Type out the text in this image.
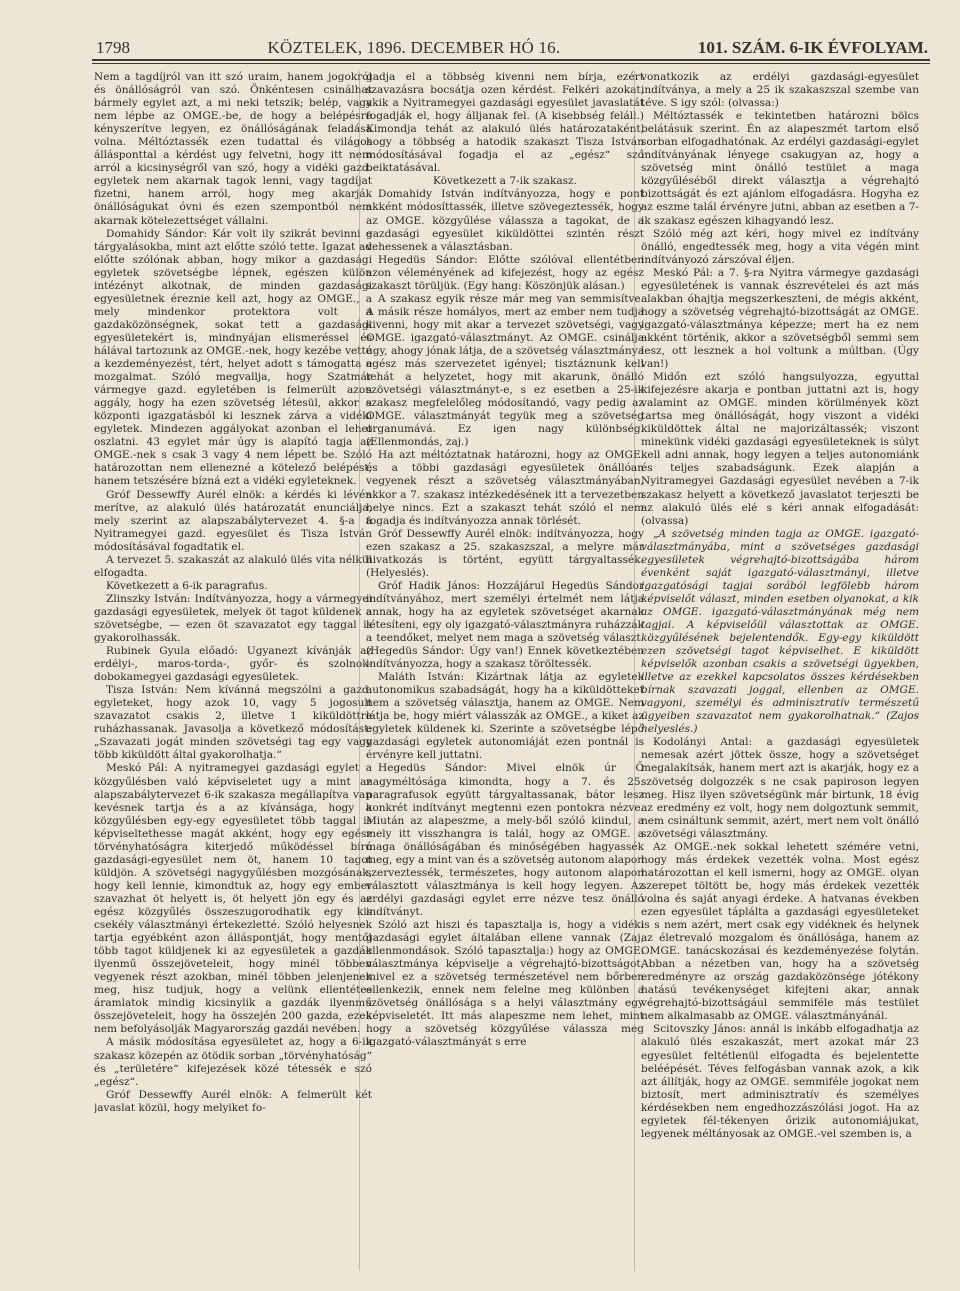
1798	KÖZTELEK, 1896. DECEMBER HÓ 16.	101. SZÁM. 6-IK ÉVFOLYAM.

Nem a tagdíjról van itt szó uraim, hanem jogokról és önállóságról van szó. Önkéntesen csinálhat bármely egylet azt, a mi neki tetszik; belép, vagy nem lépbe az OMGE.-be, de hogy a belépésre kényszerítve legyen, ez önállóságának feladása volna. Méltóztassék ezen tudattal és világos állásponttal a kérdést ugy felvetni, hogy itt nem arról a kicsinységről van szó, hogy a vidéki gazd. egyletek nem akarnak tagok lenni, vagy tagdíjat fizetni, hanem arról, hogy meg akarják önállóságukat óvni és ezen szempontból nem akarnak kötelezettséget vállalni.

Domahidy Sándor: Kár volt ily szikrát bevinni e tárgyalásokba, mint azt előtte szóló tette. Igazat ad előtte szólónak abban, hogy mikor a gazdasági egyletek szövetségbe lépnek, egészen külön intézényt alkotnak, de minden gazdasági egyesületnek éreznie kell azt, hogy az OMGE., a mely mindenkor protektora volt a gazdaközönségnek, sokat tett a gazdasági egyesületekért is, mindnyájan elismeréssel és hálával tartozunk az OMGE.-nek, hogy kezébe vette a kezdeményezést, tért, helyet adott s támogatta a mozgalmat. Szóló megvallja, hogy Szatmár vármegye gazd. egyletében is felmerült azon aggály, hogy ha ezen szövetség létesül, akkor a központi igazgatásból ki lesznek zárva a vidéki egyletek. Mindezen aggályokat azonban el lehet oszlatni. 43 egylet már úgy is alapító tagja az OMGE.-nek s csak 3 vagy 4 nem lépett be. Szóló határozottan nem ellenezné a kötelező belépést, hanem tetszésére bízná ezt a vidéki egyleteknek.

Gróf Dessewffy Aurél elnök: a kérdés ki lévén merítve, az alakuló ülés határozatát enunciálja, mely szerint az alapszabálytervezet 4. §-a a Nyitramegyei gazd. egyesület és Tisza István módosításával fogadtatik el.

A tervezet 5. szakaszát az alakuló ülés vita nélkül elfogadta.

Következett a 6-ik paragrafus.

Zlinszky István: Indítványozza, hogy a vármegyei gazdasági egyesületek, melyek öt tagot küldenek a szövetségbe, — ezen öt szavazatot egy taggal is gyakorolhassák.

Rubinek Gyula előadó: Ugyanezt kívánják az erdélyi-, maros-torda-, győr- és szolnok-dobokamegyei gazdasági egyesületek.

Tisza István: Nem kívánná megszólni a gazd. egyleteket, hogy azok 10, vagy 5 jogosult szavazatot csakis 2, illetve 1 kiküldöttre ruházhassanak. Javasolja a következő módosítást: „Szavazati jogát minden szövetségi tag egy vagy több kiküldött által gyakorolhatja.“

Meskó Pál: A nyitramegyei gazdasági egylet a közgyűlésben való képviseletet ugy a mint az alapszabálytervezet 6-ik szakasza megállapítva van kevésnek tartja és a az kívánsága, hogy a közgyűlésben egy-egy egyesületet több taggal is képviseltethesse magát akként, hogy egy egész törvényhatóságra kiterjedő működéssel bíró gazdasági-egyesület nem öt, hanem 10 tagot küldjön. A szövetségi nagygyűlésben mozgósának, hogy kell lennie, kimondtuk az, hogy egy ember szavazhat öt helyett is, öt helyett jön egy és az egész közgyűlés összeszugorodhatik egy kis csekély választmányi értekezletté. Szóló helyesnek tartja egyébként azon álláspontját, hogy mentől több tagot küldjenek ki az egyesületek a gazdák ilyenmű összejöveteleit, hogy minél többen vegyenek részt azokban, minél többen jelenjenek meg, hisz tudjuk, hogy a velünk ellentétes áramlatok mindig kicsinylik a gazdák ilyenmű összejöveteleit, hogy ha összején 200 gazda, ezek nem befolyásolják Magyarország gazdái nevében.

A másik módosítása egyesületet az, hogy a 6-ik szakasz közepén az ötödik sorban „törvényhatóság“ és „területére“ kifejezések közé tétessék e szó „egész“.

Gróf Dessewffy Aurél elnök: A felmerült két javaslat közül, hogy melyiket fo-

gadja el a többség kivenni nem bírja, ezért szavazásra bocsátja ozen kérdést. Felkéri azokat, akik a Nyitramegyei gazdasági egyesület javaslatát fogadják el, hogy álljanak fel. (A kisebbség feláll.) Kimondja tehát az alakuló ülés határozataként, hogy a többség a hatodik szakaszt Tisza István módosításával fogadja el az „egész“ szó beiktatásával.

Következett a 7-ik szakasz.

Domahidy István indítványozza, hogy e pont akként módosíttassék, illetve szövegeztessék, hogy az OMGE. közgyűlése válassza a tagokat, de a gazdasági egyesület kiküldöttei szintén részt vehessenek a választásban.

Hegedüs Sándor: Előtte szólóval ellentétben azon véleményének ad kifejezést, hogy az egész szakaszt törüljük. (Egy hang: Köszönjük alásan.)

A szakasz egyik része már meg van semmisítve. A másik része homályos, mert az ember nem tudja kivenni, hogy mit akar a tervezet szövetségi, vagy OMGE. igazgató-választmányt. Az OMGE. csinálja úgy, ahogy jónak látja, de a szövetség választmánya egész más szervezetet igényel; tisztáznunk kell tehát a helyzetet, hogy mit akarunk, önálló szövetségi választmányt-e, s ez esetben a 25-ik szakasz megfelelőleg módosítandó, vagy pedig az OMGE. választmányát tegyük meg a szövetség organumává. Ez igen nagy különbség. (Ellenmondás, zaj.)

Ha azt méltóztatnak határozni, hogy az OMGE. és a többi gazdasági egyesületek önállóan vegyenek részt a szövetség választmányában, akkor a 7. szakasz intézkedésének itt a tervezetben helye nincs. Ezt a szakaszt tehát szóló el nem fogadja és indítványozza annak törlését.

Gróf Dessewffy Aurél elnök: indítványozza, hogy ezen szakasz a 25. szakaszszal, a melyre már hivatkozás is történt, együtt tárgyaltassék. (Helyeslés).

Gróf Hadik János: Hozzájárul Hegedüs Sándor indítványához, mert személyi értelmét nem látja annak, hogy ha az egyletek szövetséget akarnak létesíteni, egy oly igazgató-választmányra ruházzák a teendőket, melyet nem maga a szövetség választ. (Hegedüs Sándor: Úgy van!) Ennek következtében indítványozza, hogy a szakasz töröltessék.

Maláth István: Kizártnak látja az egyletek autonomikus szabadságát, hogy ha a kiküldötteket nem a szövetség választja, hanem az OMGE. Nem látja be, hogy miért válasszák az OMGE., a kiket az egyletek küldenek ki. Szerinte a szövetségbe lépő gazdasági egyletek autonomiáját ezen pontnál is érvényre kell juttatni.

Hegedüs Sándor: Mivel elnök úr Ő nagyméltósága kimondta, hogy a 7. és 25. paragrafusok együtt tárgyaltassanak, bátor lesz konkrét indítványt megtenni ezen pontokra nézve. Miután az alapeszme, a mely-ből szóló kiindul, a mely itt visszhangra is talál, hogy az OMGE. a maga önállóságában és minőségében hagyassék meg, egy a mint van és a szövetség autonom alapon szerveztessék, természetes, hogy autonom alapon választott választmánya is kell hogy legyen. Az erdélyi gazdasági egylet erre nézve tesz önálló indítványt.

Szóló azt hiszi és tapasztalja is, hogy a vidéki gazdasági egylet általában ellene vannak (Zaj, ellenmondások. Szóló tapasztalja:) hogy az OMGE. választmánya képviselje a végrehajtó-bizottságot, mivel ez a szövetség természetével nem bőrben ellenkezik, ennek nem felelne meg különben a szövetség önállósága s a helyi választmány egy képviseletét. Itt más alapeszme nem lehet, mint hogy a szövetség közgyűlése válassza meg igazgató-választmányát s erre

vonatkozik az erdélyi gazdasági-egyesület indítványa, a mely a 25 ik szakaszszal szembe van téve. S igy szól: (olvassa:)

Méltóztassék e tekintetben határozni bölcs belátásuk szerint. Én az alapeszmét tartom első sorban elfogadhatónak. Az erdélyi gazdasági-egylet indítványának lényege csakugyan az, hogy a szövetség mint önálló testület a maga közgyűléséből direkt választja a végrehajtó bizottságát és ezt ajánlom elfogadásra. Hogyha ez az eszme talál érvényre jutni, abban az esetben a 7-ik szakasz egészen kihagyandó lesz.

Szóló még azt kéri, hogy mivel ez indítvány önálló, engedtessék meg, hogy a vita végén mint indítványozó zárszóval éljen.

Meskó Pál: a 7. §-ra Nyitra vármegye gazdasági egyesületének is vannak észrevételei és azt más alakban óhajtja megszerkeszteni, de mégis akként, hogy a szövetség végrehajtó-bizottságát az OMGE. igazgató-választmánya képezze; mert ha ez nem akként történik, akkor a szövetségből semmi sem lesz, ott lesznek a hol voltunk a múltban. (Úgy van!)

Midőn ezt szóló hangsulyozza, egyuttal kifejezésre akarja e pontban juttatni azt is, hogy valamint az OMGE. minden körülmények közt tartsa meg önállóságát, hogy viszont a vidéki kiküldöttek által ne majorizáltassék; viszont minekünk vidéki gazdasági egyesületeknek is súlyt kell adni annak, hogy legyen a teljes autonomiánk és teljes szabadságunk. Ezek alapján a Nyitramegyei Gazdasági egyesület nevében a 7-ik szakasz helyett a következő javaslatot terjeszti be az alakuló ülés elé s kéri annak elfogadását: (olvassa)

„A szövetség minden tagja az OMGE. igazgató-választmányába, mint a szövetséges gazdasági egyesületek végrehajtó-bizottságába három évenként saját igazgató-választmányi, illetve igazgatósági tagjai sorából legfölebb három képviselőt választ, minden esetben olyanokat, a kik az OMGE. igazgató-választmányának még nem tagjai. A képviselőül választottak az OMGE. közgyűlésének bejelentendők. Egy-egy kiküldött ezen szövetségi tagot képviselhet. E kiküldött képviselők azonban csakis a szövetségi ügyekben, illetve az ezekkel kapcsolatos összes kérdésekben bírnak szavazati joggal, ellenben az OMGE. vagyoni, személyi és adminisztratív természetű ügyeiben szavazatot nem gyakorolhatnak.“ (Zajos helyeslés.)

Kodolányi Antal: a gazdasági egyesületek nemesak azért jöttek össze, hogy a szövetséget megalakítsák, hanem mert azt is akarják, hogy ez a szövetség dolgozzék s ne csak papiroson legyen meg. Hisz ilyen szövetségünk már birtunk, 18 évig az eredmény ez volt, hogy nem dolgoztunk semmit, nem csináltunk semmit, azért, mert nem volt önálló szövetségi választmány.

Az OMGE.-nek sokkal lehetett szémére vetni, hogy más érdekek vezették volna. Most egész határozottan el kell ismerni, hogy az OMGE. olyan szerepet töltött be, hogy más érdekek vezették volna és saját anyagi érdeke. A hatvanas években ezen egyesület táplálta a gazdasági egyesületeket is s nem azért, mert csak egy vidéknek és helynek az életrevaló mozgalom és önállósága, hanem az OMGE. tanácskozásai és kezdeményezése folytán. Abban a nézetben van, hogy ha a szövetség eredményre az ország gazdaközönsége jótékony hatású tevékenységet kifejteni akar, annak végrehajtó-bizottságául semmiféle más testület nem alkalmasabb az OMGE. választmányánál.

Scitovszky János: annál is inkább elfogadhatja az alakuló ülés eszakaszát, mert azokat már 23 egyesület feltétlenül elfogadta és bejelentette beléépését. Téves felfogásban vannak azok, a kik azt állítják, hogy az OMGE. semmiféle jogokat nem biztosít, mert adminisztratív és személyes kérdésekben nem engedhozzászólási jogot. Ha az egyletek fél-tékenyen őrizik autonomiájukat, legyenek méltányosak az OMGE.-vel szemben is, a
